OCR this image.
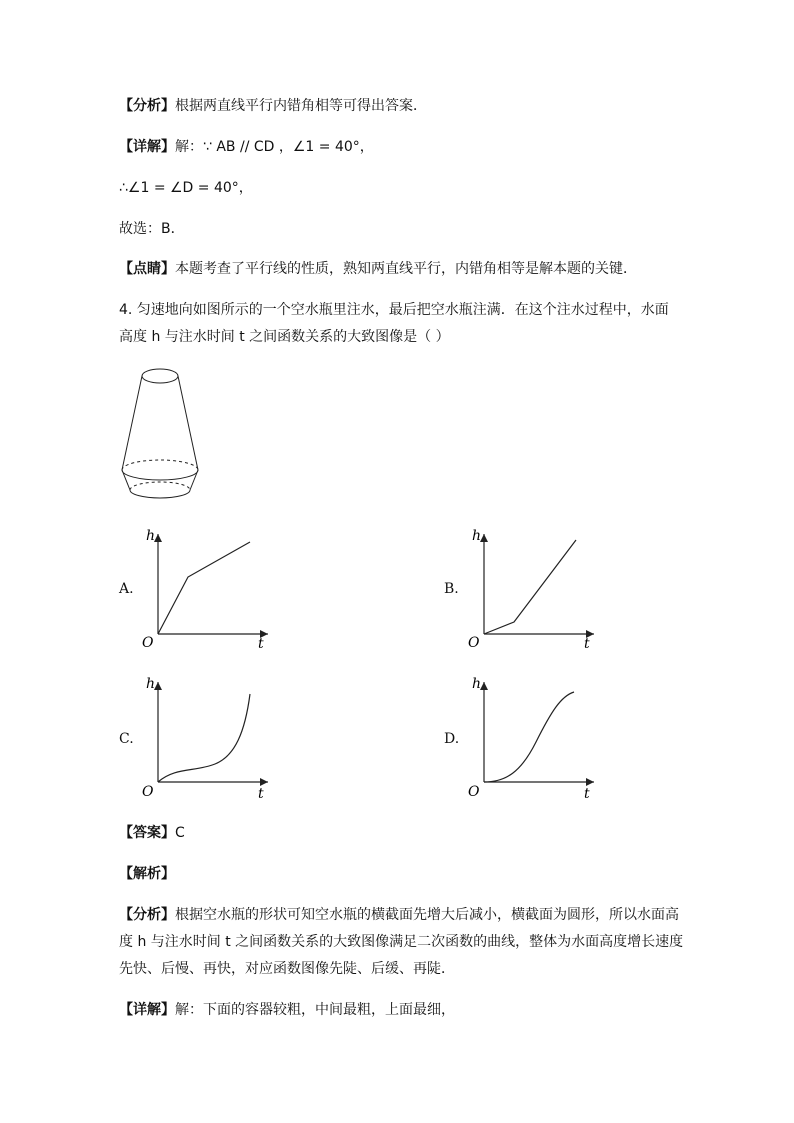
【分析】根据两直线平行内错角相等可得出答案．
【详解】解：∵ AB // CD ，∠1 = 40°，
∴∠1 = ∠D = 40°，
故选：B．
【点睛】本题考查了平行线的性质，熟知两直线平行，内错角相等是解本题的关键．
4. 匀速地向如图所示的一个空水瓶里注水，最后把空水瓶注满．在这个注水过程中，水面
高度 h 与注水时间 t 之间函数关系的大致图像是（ ）
A.
h
O	t
B.
h
O	t
C.
h
O	t
D.
h
O	t
【答案】C
【解析】
【分析】根据空水瓶的形状可知空水瓶的横截面先增大后减小，横截面为圆形，所以水面高
度 h 与注水时间 t 之间函数关系的大致图像满足二次函数的曲线，整体为水面高度增长速度
先快、后慢、再快，对应函数图像先陡、后缓、再陡．
【详解】解：下面的容器较粗，中间最粗，上面最细，
